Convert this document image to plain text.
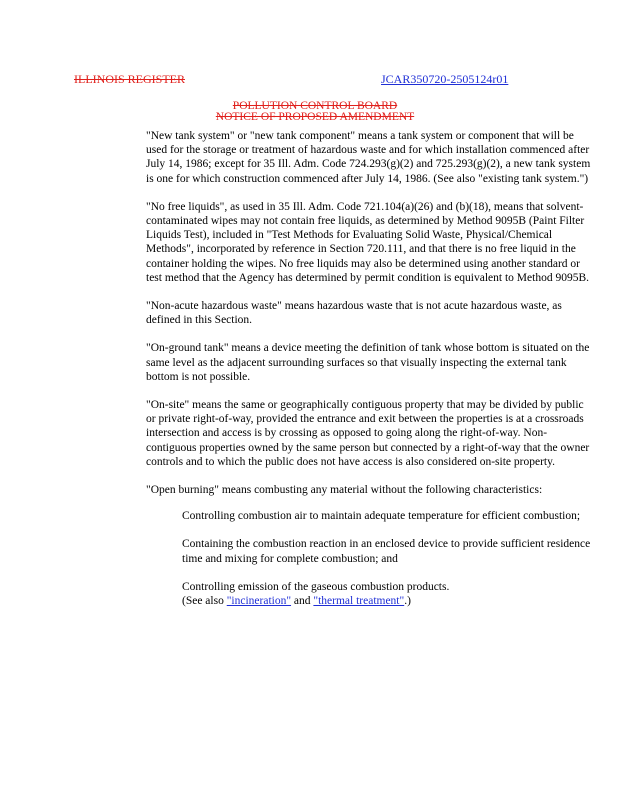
ILLINOIS REGISTER	JCAR350720-2505124r01
POLLUTION CONTROL BOARD
NOTICE OF PROPOSED AMENDMENT

"New tank system" or "new tank component" means a tank system or component that will be used for the storage or treatment of hazardous waste and for which installation commenced after July 14, 1986; except for 35 Ill. Adm. Code 724.293(g)(2) and 725.293(g)(2), a new tank system is one for which construction commenced after July 14, 1986. (See also "existing tank system.")

"No free liquids", as used in 35 Ill. Adm. Code 721.104(a)(26) and (b)(18), means that solvent-contaminated wipes may not contain free liquids, as determined by Method 9095B (Paint Filter Liquids Test), included in "Test Methods for Evaluating Solid Waste, Physical/Chemical Methods", incorporated by reference in Section 720.111, and that there is no free liquid in the container holding the wipes. No free liquids may also be determined using another standard or test method that the Agency has determined by permit condition is equivalent to Method 9095B.

"Non-acute hazardous waste" means hazardous waste that is not acute hazardous waste, as defined in this Section.

"On-ground tank" means a device meeting the definition of tank whose bottom is situated on the same level as the adjacent surrounding surfaces so that visually inspecting the external tank bottom is not possible.

"On-site" means the same or geographically contiguous property that may be divided by public or private right-of-way, provided the entrance and exit between the properties is at a crossroads intersection and access is by crossing as opposed to going along the right-of-way. Non-contiguous properties owned by the same person but connected by a right-of-way that the owner controls and to which the public does not have access is also considered on-site property.

"Open burning" means combusting any material without the following characteristics:

Controlling combustion air to maintain adequate temperature for efficient combustion;

Containing the combustion reaction in an enclosed device to provide sufficient residence time and mixing for complete combustion; and

Controlling emission of the gaseous combustion products.
(See also "incineration" and "thermal treatment".)
